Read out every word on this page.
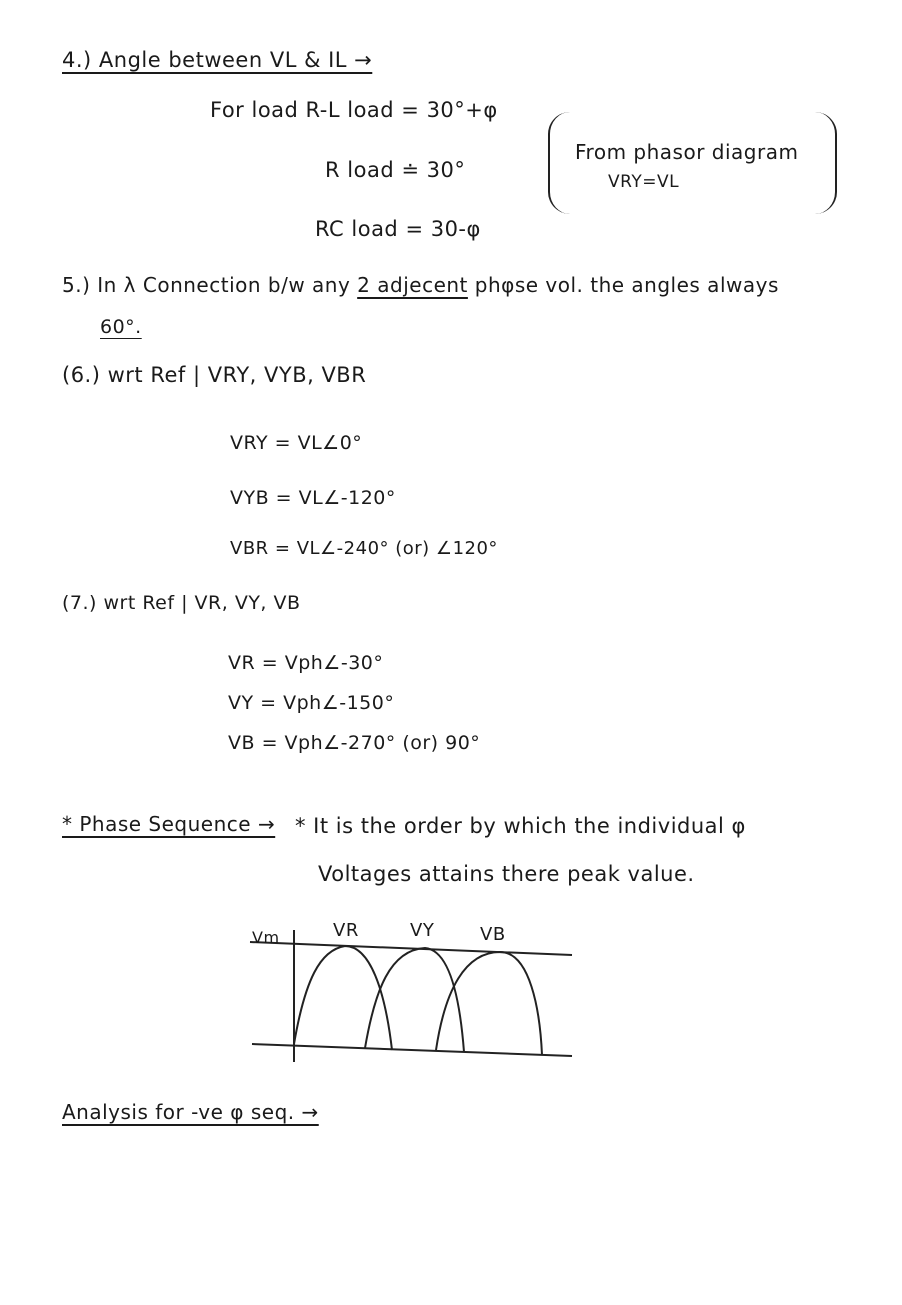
4.) Angle between VL & IL →
For load R-L load = 30°+φ
R load ≐ 30°
RC load = 30-φ
From phasor diagram
VRY=VL
5.) In λ Connection b/w any 2 adjecent phφse vol. the angles always
60°.
(6.) wrt Ref | VRY, VYB, VBR
VRY = VL∠0°
VYB = VL∠-120°
VBR = VL∠-240° (or) ∠120°
(7.) wrt Ref | VR, VY, VB
VR = Vph∠-30°
VY = Vph∠-150°
VB = Vph∠-270° (or) 90°
* Phase Sequence → * It is the order by which the individual φ
Voltages attains there peak value.
Vm	VR	VY	VB
Analysis for -ve φ seq. →
